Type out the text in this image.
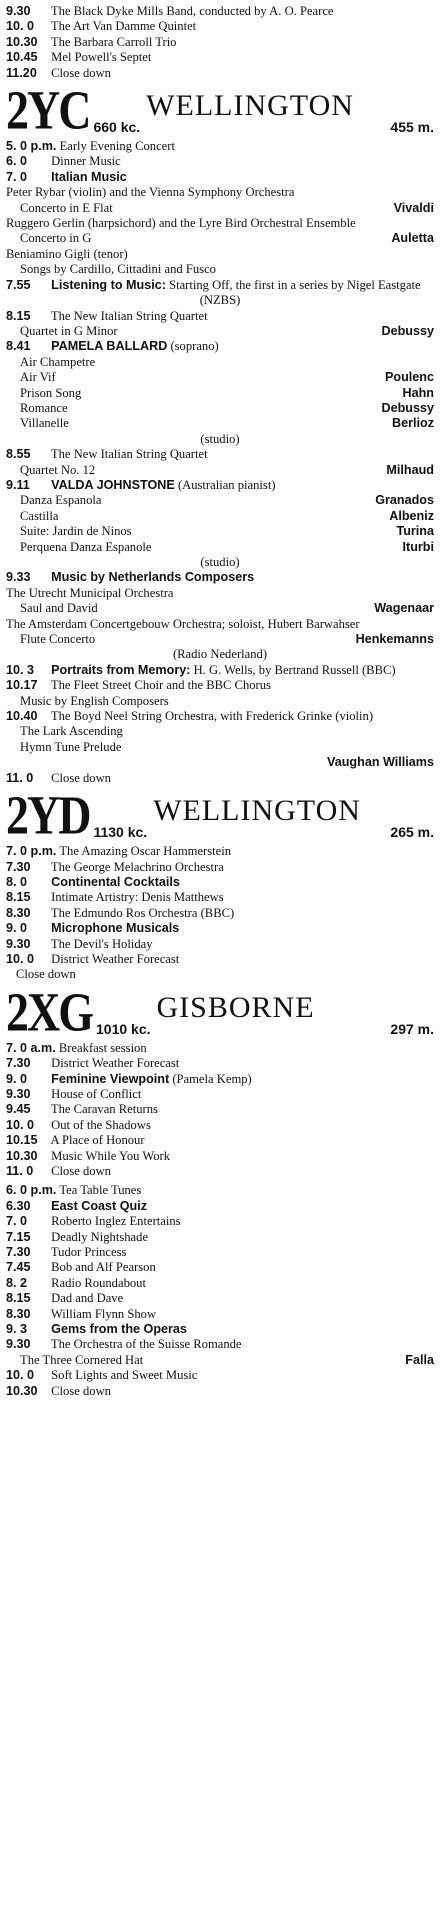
9.30 The Black Dyke Mills Band, conducted by A. O. Pearce
10. 0 The Art Van Damme Quintet
10.30 The Barbara Carroll Trio
10.45 Mel Powell's Septet
11.20 Close down
2YC 660 kc.
WELLINGTON
455 m.
5. 0 p.m. Early Evening Concert
6. 0 Dinner Music
7. 0 Italian Music
Peter Rybar (violin) and the Vienna Symphony Orchestra
Concerto in E Flat	Vivaldi
Ruggero Gerlin (harpsichord) and the Lyre Bird Orchestral Ensemble
Concerto in G	Auletta
Beniamino Gigli (tenor)
Songs by Cardillo, Cittadini and Fusco
7.55 Listening to Music: Starting Off, the first in a series by Nigel Eastgate
(NZBS)
8.15 The New Italian String Quartet
Quartet in G Minor	Debussy
8.41 PAMELA BALLARD (soprano)
Air Champetre
Air Vif	Poulenc
Prison Song	Hahn
Romance	Debussy
Villanelle	Berlioz
(studio)
8.55 The New Italian String Quartet
Quartet No. 12	Milhaud
9.11 VALDA JOHNSTONE (Australian pianist)
Danza Espanola	Granados
Castilla	Albeniz
Suite: Jardin de Ninos	Turina
Perquena Danza Espanole	Iturbi
(studio)
9.33 Music by Netherlands Composers
The Utrecht Municipal Orchestra
Saul and David	Wagenaar
The Amsterdam Concertgebouw Orchestra; soloist, Hubert Barwahser
Flute Concerto	Henkemanns
(Radio Nederland)
10. 3 Portraits from Memory: H. G. Wells, by Bertrand Russell (BBC)
10.17 The Fleet Street Choir and the BBC Chorus
Music by English Composers
10.40 The Boyd Neel String Orchestra, with Frederick Grinke (violin)
The Lark Ascending
Hymn Tune Prelude
Vaughan Williams
11. 0 Close down
2YD 1130 kc.
WELLINGTON
265 m.
7. 0 p.m. The Amazing Oscar Hammerstein
7.30 The George Melachrino Orchestra
8. 0 Continental Cocktails
8.15 Intimate Artistry: Denis Matthews
8.30 The Edmundo Ros Orchestra (BBC)
9. 0 Microphone Musicals
9.30 The Devil's Holiday
10. 0 District Weather Forecast
Close down
2XG 1010 kc.
GISBORNE
297 m.
7. 0 a.m. Breakfast session
7.30 District Weather Forecast
9. 0 Feminine Viewpoint (Pamela Kemp)
9.30 House of Conflict
9.45 The Caravan Returns
10. 0 Out of the Shadows
10.15 A Place of Honour
10.30 Music While You Work
11. 0 Close down
6. 0 p.m. Tea Table Tunes
6.30 East Coast Quiz
7. 0 Roberto Inglez Entertains
7.15 Deadly Nightshade
7.30 Tudor Princess
7.45 Bob and Alf Pearson
8. 2 Radio Roundabout
8.15 Dad and Dave
8.30 William Flynn Show
9. 3 Gems from the Operas
9.30 The Orchestra of the Suisse Romande
The Three Cornered Hat	Falla
10. 0 Soft Lights and Sweet Music
10.30 Close down
